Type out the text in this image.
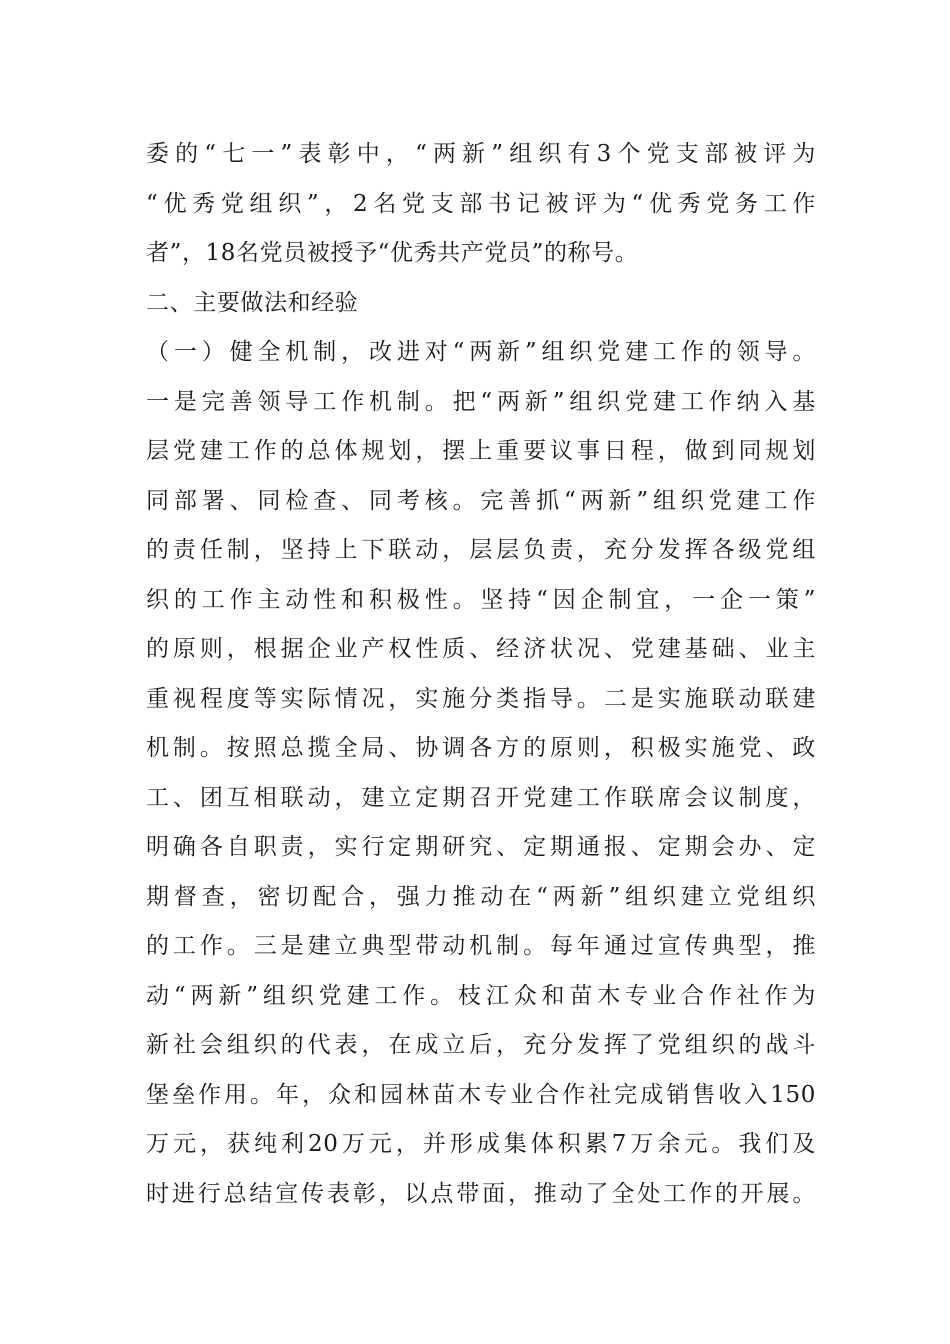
委的“七一”表彰中，“两新”组织有3个党支部被评为
“优秀党组织”，2名党支部书记被评为“优秀党务工作
者”，18名党员被授予“优秀共产党员”的称号。
二、主要做法和经验
（一）健全机制，改进对“两新”组织党建工作的领导。
一是完善领导工作机制。把“两新”组织党建工作纳入基
层党建工作的总体规划，摆上重要议事日程，做到同规划
同部署、同检查、同考核。完善抓“两新”组织党建工作
的责任制，坚持上下联动，层层负责，充分发挥各级党组
织的工作主动性和积极性。坚持“因企制宜，一企一策”
的原则，根据企业产权性质、经济状况、党建基础、业主
重视程度等实际情况，实施分类指导。二是实施联动联建
机制。按照总揽全局、协调各方的原则，积极实施党、政
工、团互相联动，建立定期召开党建工作联席会议制度，
明确各自职责，实行定期研究、定期通报、定期会办、定
期督查，密切配合，强力推动在“两新”组织建立党组织
的工作。三是建立典型带动机制。每年通过宣传典型，推
动“两新”组织党建工作。枝江众和苗木专业合作社作为
新社会组织的代表，在成立后，充分发挥了党组织的战斗
堡垒作用。年，众和园林苗木专业合作社完成销售收入150
万元，获纯利20万元，并形成集体积累7万余元。我们及
时进行总结宣传表彰，以点带面，推动了全处工作的开展。
